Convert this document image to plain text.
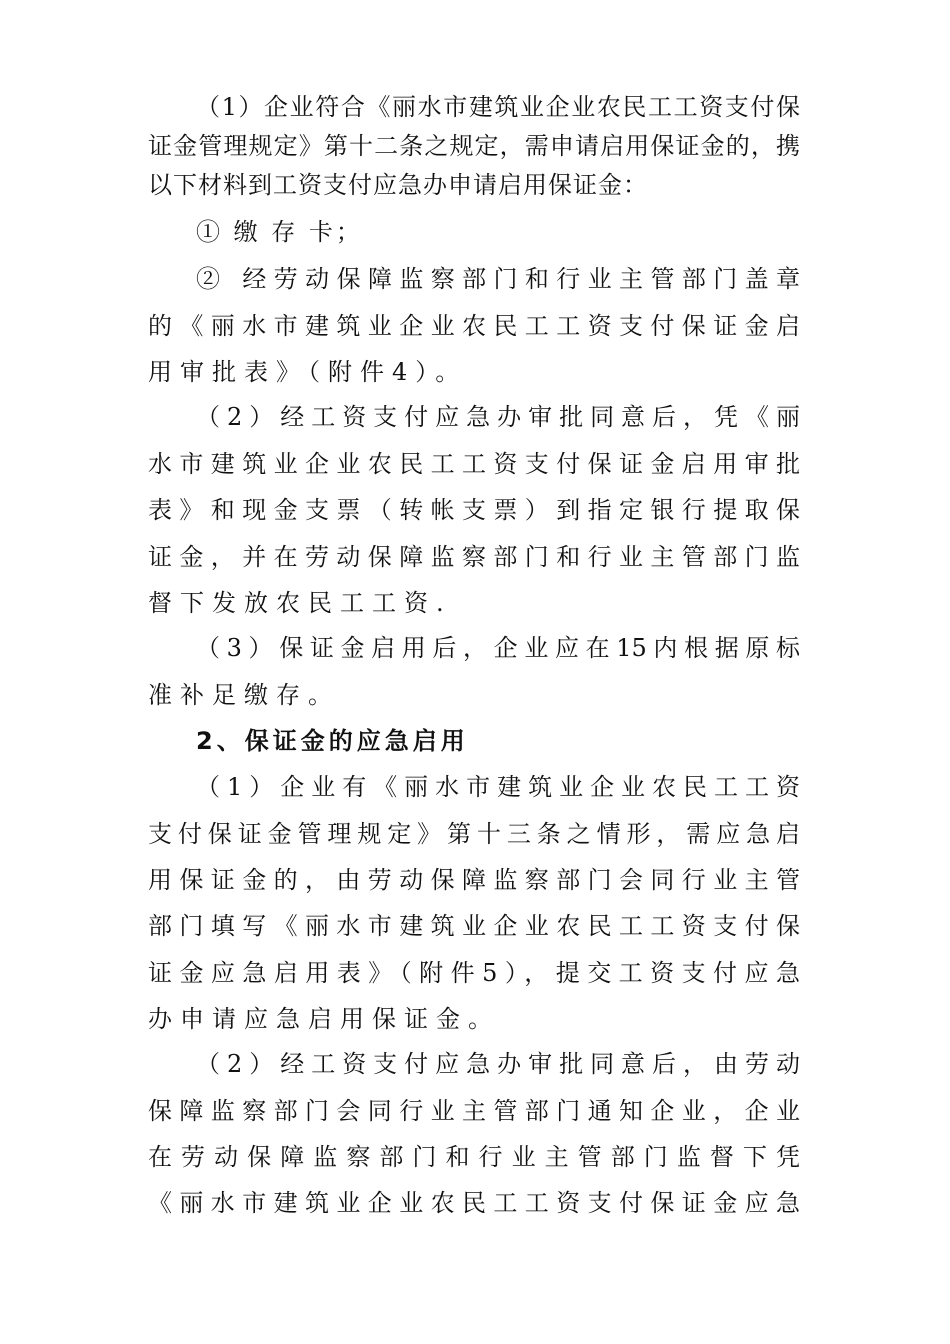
（1）企业符合《丽水市建筑业企业农民工工资支付保
证金管理规定》第十二条之规定，需申请启用保证金的，携
以下材料到工资支付应急办申请启用保证金：
① 缴 存 卡；
② 经劳动保障监察部门和行业主管部门盖章
的《丽水市建筑业企业农民工工资支付保证金启
用审批表》（附件4）。
（2）经工资支付应急办审批同意后，凭《丽
水市建筑业企业农民工工资支付保证金启用审批
表》和现金支票（转帐支票）到指定银行提取保
证金，并在劳动保障监察部门和行业主管部门监
督下发放农民工工资.
（3）保证金启用后，企业应在15内根据原标
准补足缴存。
2、保证金的应急启用
（1）企业有《丽水市建筑业企业农民工工资
支付保证金管理规定》第十三条之情形，需应急启
用保证金的，由劳动保障监察部门会同行业主管
部门填写《丽水市建筑业企业农民工工资支付保
证金应急启用表》（附件5），提交工资支付应急
办申请应急启用保证金。
（2）经工资支付应急办审批同意后，由劳动
保障监察部门会同行业主管部门通知企业，企业
在劳动保障监察部门和行业主管部门监督下凭
《丽水市建筑业企业农民工工资支付保证金应急
